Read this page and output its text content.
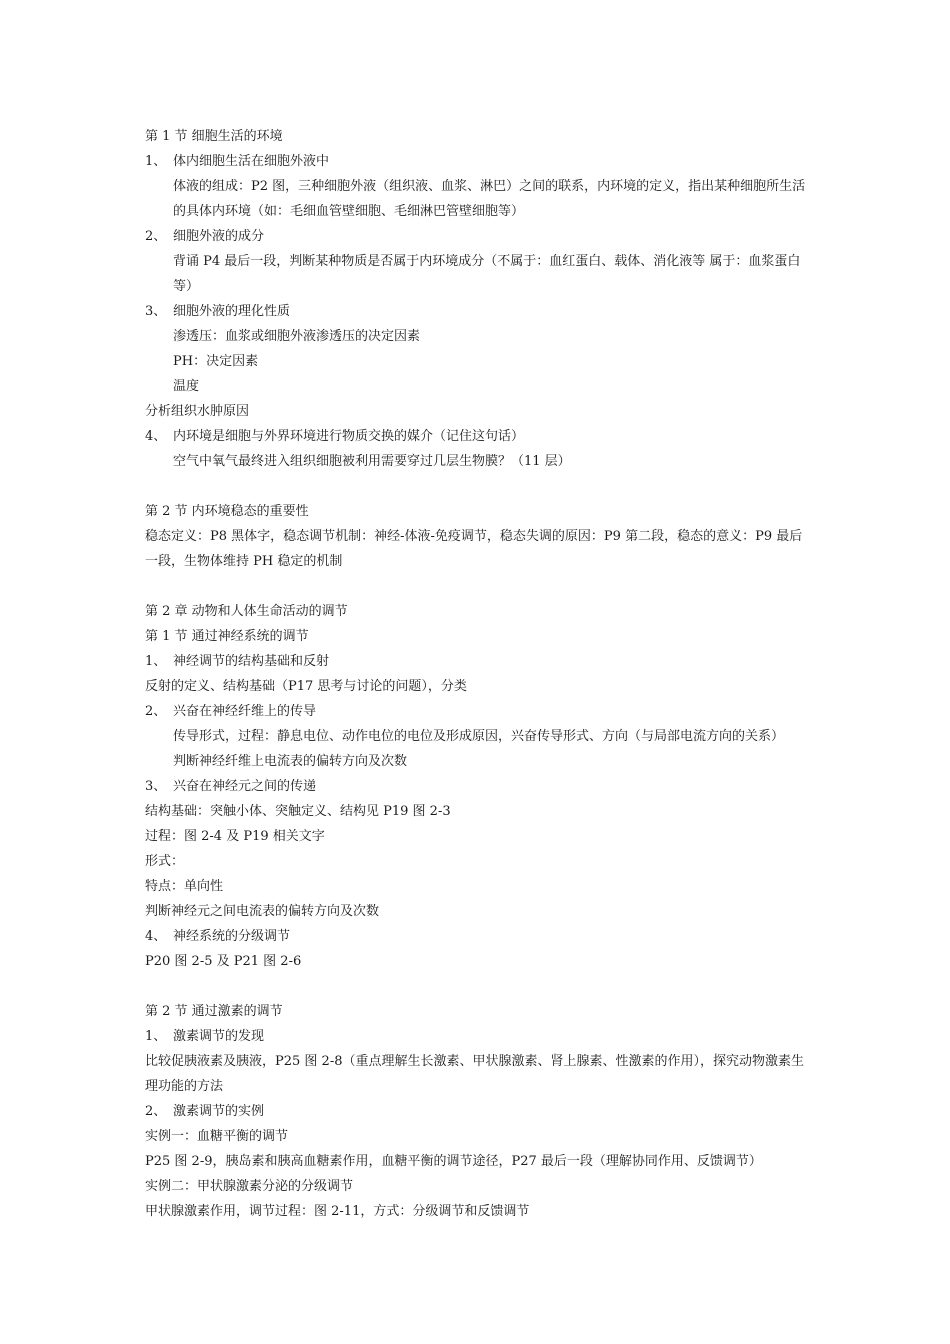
第 1 节 细胞生活的环境
1、 体内细胞生活在细胞外液中
体液的组成：P2 图，三种细胞外液（组织液、血浆、淋巴）之间的联系，内环境的定义，指出某种细胞所生活的具体内环境（如：毛细血管壁细胞、毛细淋巴管壁细胞等）
2、 细胞外液的成分
背诵 P4 最后一段，判断某种物质是否属于内环境成分（不属于：血红蛋白、载体、消化液等 属于：血浆蛋白等）
3、 细胞外液的理化性质
渗透压：血浆或细胞外液渗透压的决定因素
PH：决定因素
温度
分析组织水肿原因
4、 内环境是细胞与外界环境进行物质交换的媒介（记住这句话）
空气中氧气最终进入组织细胞被利用需要穿过几层生物膜？（11 层）
第 2 节 内环境稳态的重要性
稳态定义：P8 黑体字，稳态调节机制：神经-体液-免疫调节，稳态失调的原因：P9 第二段，稳态的意义：P9 最后一段，生物体维持 PH 稳定的机制
第 2 章 动物和人体生命活动的调节
第 1 节 通过神经系统的调节
1、 神经调节的结构基础和反射
反射的定义、结构基础（P17 思考与讨论的问题），分类
2、 兴奋在神经纤维上的传导
传导形式，过程：静息电位、动作电位的电位及形成原因，兴奋传导形式、方向（与局部电流方向的关系）
判断神经纤维上电流表的偏转方向及次数
3、 兴奋在神经元之间的传递
结构基础：突触小体、突触定义、结构见 P19 图 2-3
过程：图 2-4 及 P19 相关文字
形式：
特点：单向性
判断神经元之间电流表的偏转方向及次数
4、 神经系统的分级调节
P20 图 2-5 及 P21 图 2-6
第 2 节 通过激素的调节
1、 激素调节的发现
比较促胰液素及胰液，P25 图 2-8（重点理解生长激素、甲状腺激素、肾上腺素、性激素的作用），探究动物激素生理功能的方法
2、 激素调节的实例
实例一：血糖平衡的调节
P25 图 2-9，胰岛素和胰高血糖素作用，血糖平衡的调节途径，P27 最后一段（理解协同作用、反馈调节）
实例二：甲状腺激素分泌的分级调节
甲状腺激素作用，调节过程：图 2-11，方式：分级调节和反馈调节
